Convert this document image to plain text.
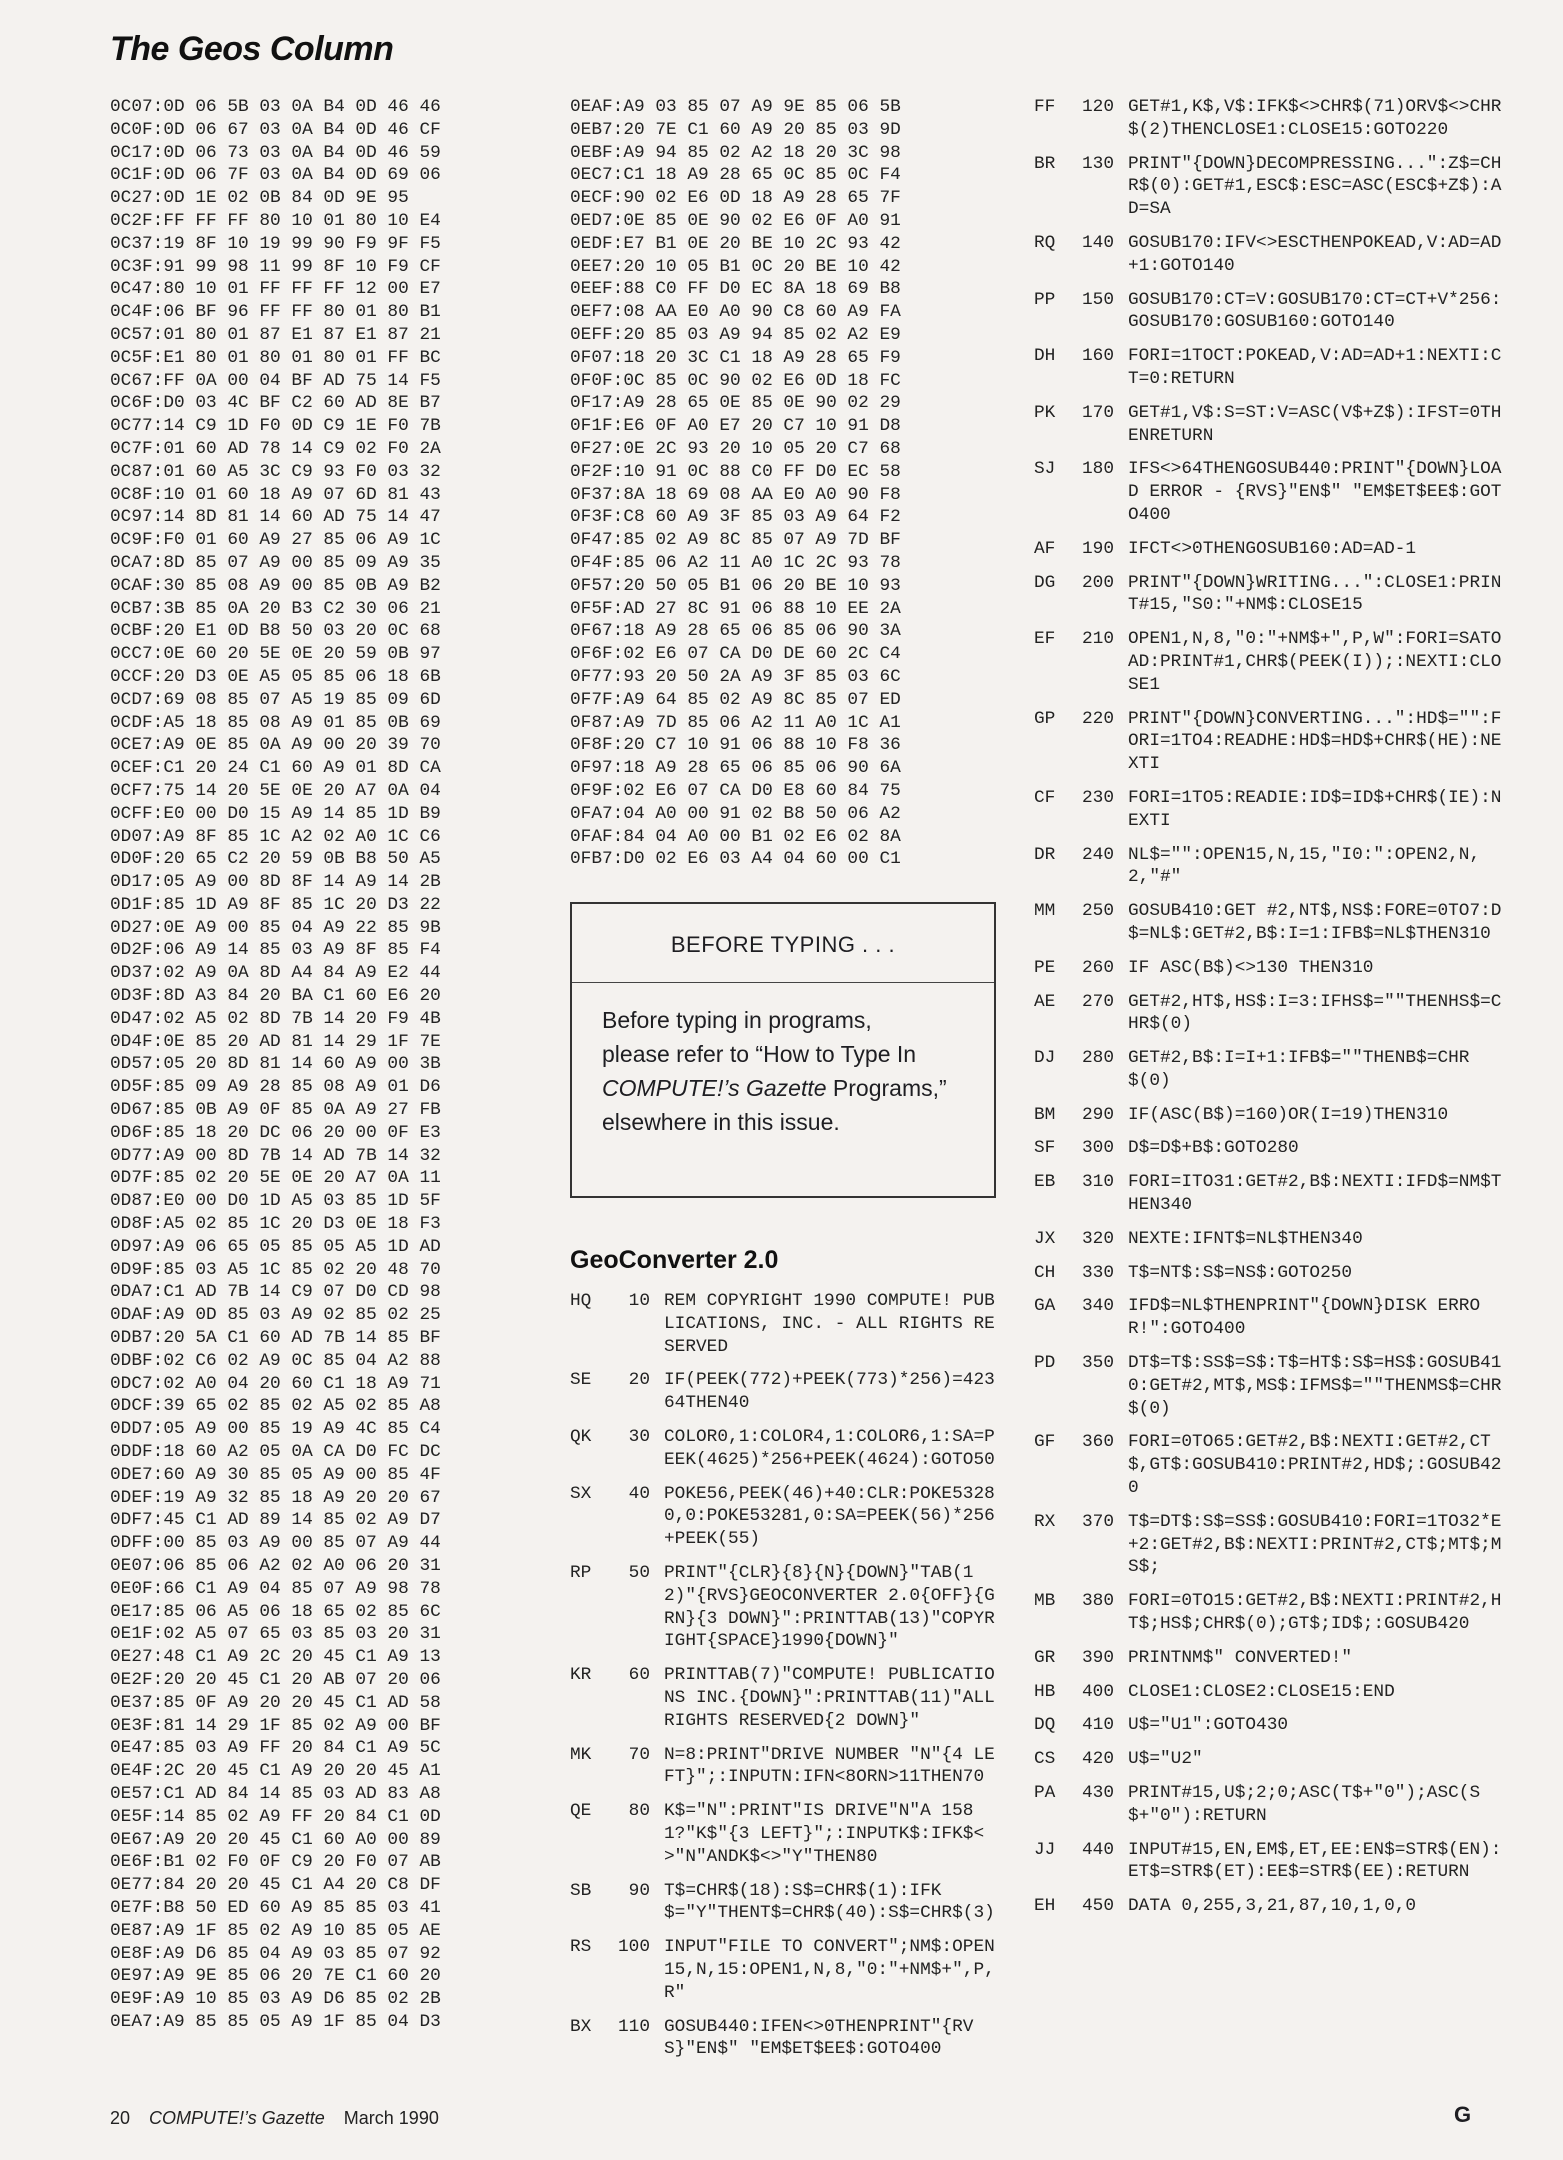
The Geos Column
0C07:0D 06 5B 03 0A B4 0D 46 46
0C0F:0D 06 67 03 0A B4 0D 46 CF
0C17:0D 06 73 03 0A B4 0D 46 59
0C1F:0D 06 7F 03 0A B4 0D 69 06
0C27:0D 1E 02 0B 84 0D 9E 95
0C2F:FF FF FF 80 10 01 80 10 E4
0C37:19 8F 10 19 99 90 F9 9F F5
0C3F:91 99 98 11 99 8F 10 F9 CF
0C47:80 10 01 FF FF FF 12 00 E7
0C4F:06 BF 96 FF FF 80 01 80 B1
0C57:01 80 01 87 E1 87 E1 87 21
0C5F:E1 80 01 80 01 80 01 FF BC
0C67:FF 0A 00 04 BF AD 75 14 F5
0C6F:D0 03 4C BF C2 60 AD 8E B7
0C77:14 C9 1D F0 0D C9 1E F0 7B
0C7F:01 60 AD 78 14 C9 02 F0 2A
0C87:01 60 A5 3C C9 93 F0 03 32
0C8F:10 01 60 18 A9 07 6D 81 43
0C97:14 8D 81 14 60 AD 75 14 47
0C9F:F0 01 60 A9 27 85 06 A9 1C
0CA7:8D 85 07 A9 00 85 09 A9 35
0CAF:30 85 08 A9 00 85 0B A9 B2
0CB7:3B 85 0A 20 B3 C2 30 06 21
0CBF:20 E1 0D B8 50 03 20 0C 68
0CC7:0E 60 20 5E 0E 20 59 0B 97
0CCF:20 D3 0E A5 05 85 06 18 6B
0CD7:69 08 85 07 A5 19 85 09 6D
0CDF:A5 18 85 08 A9 01 85 0B 69
0CE7:A9 0E 85 0A A9 00 20 39 70
0CEF:C1 20 24 C1 60 A9 01 8D CA
0CF7:75 14 20 5E 0E 20 A7 0A 04
0CFF:E0 00 D0 15 A9 14 85 1D B9
0D07:A9 8F 85 1C A2 02 A0 1C C6
0D0F:20 65 C2 20 59 0B B8 50 A5
0D17:05 A9 00 8D 8F 14 A9 14 2B
0D1F:85 1D A9 8F 85 1C 20 D3 22
0D27:0E A9 00 85 04 A9 22 85 9B
0D2F:06 A9 14 85 03 A9 8F 85 F4
0D37:02 A9 0A 8D A4 84 A9 E2 44
0D3F:8D A3 84 20 BA C1 60 E6 20
0D47:02 A5 02 8D 7B 14 20 F9 4B
0D4F:0E 85 20 AD 81 14 29 1F 7E
0D57:05 20 8D 81 14 60 A9 00 3B
0D5F:85 09 A9 28 85 08 A9 01 D6
0D67:85 0B A9 0F 85 0A A9 27 FB
0D6F:85 18 20 DC 06 20 00 0F E3
0D77:A9 00 8D 7B 14 AD 7B 14 32
0D7F:85 02 20 5E 0E 20 A7 0A 11
0D87:E0 00 D0 1D A5 03 85 1D 5F
0D8F:A5 02 85 1C 20 D3 0E 18 F3
0D97:A9 06 65 05 85 05 A5 1D AD
0D9F:85 03 A5 1C 85 02 20 48 70
0DA7:C1 AD 7B 14 C9 07 D0 CD 98
0DAF:A9 0D 85 03 A9 02 85 02 25
0DB7:20 5A C1 60 AD 7B 14 85 BF
0DBF:02 C6 02 A9 0C 85 04 A2 88
0DC7:02 A0 04 20 60 C1 18 A9 71
0DCF:39 65 02 85 02 A5 02 85 A8
0DD7:05 A9 00 85 19 A9 4C 85 C4
0DDF:18 60 A2 05 0A CA D0 FC DC
0DE7:60 A9 30 85 05 A9 00 85 4F
0DEF:19 A9 32 85 18 A9 20 20 67
0DF7:45 C1 AD 89 14 85 02 A9 D7
0DFF:00 85 03 A9 00 85 07 A9 44
0E07:06 85 06 A2 02 A0 06 20 31
0E0F:66 C1 A9 04 85 07 A9 98 78
0E17:85 06 A5 06 18 65 02 85 6C
0E1F:02 A5 07 65 03 85 03 20 31
0E27:48 C1 A9 2C 20 45 C1 A9 13
0E2F:20 20 45 C1 20 AB 07 20 06
0E37:85 0F A9 20 20 45 C1 AD 58
0E3F:81 14 29 1F 85 02 A9 00 BF
0E47:85 03 A9 FF 20 84 C1 A9 5C
0E4F:2C 20 45 C1 A9 20 20 45 A1
0E57:C1 AD 84 14 85 03 AD 83 A8
0E5F:14 85 02 A9 FF 20 84 C1 0D
0E67:A9 20 20 45 C1 60 A0 00 89
0E6F:B1 02 F0 0F C9 20 F0 07 AB
0E77:84 20 20 45 C1 A4 20 C8 DF
0E7F:B8 50 ED 60 A9 85 85 03 41
0E87:A9 1F 85 02 A9 10 85 05 AE
0E8F:A9 D6 85 04 A9 03 85 07 92
0E97:A9 9E 85 06 20 7E C1 60 20
0E9F:A9 10 85 03 A9 D6 85 02 2B
0EA7:A9 85 85 05 A9 1F 85 04 D3
0EAF:A9 03 85 07 A9 9E 85 06 5B
0EB7:20 7E C1 60 A9 20 85 03 9D
0EBF:A9 94 85 02 A2 18 20 3C 98
0EC7:C1 18 A9 28 65 0C 85 0C F4
0ECF:90 02 E6 0D 18 A9 28 65 7F
0ED7:0E 85 0E 90 02 E6 0F A0 91
0EDF:E7 B1 0E 20 BE 10 2C 93 42
0EE7:20 10 05 B1 0C 20 BE 10 42
0EEF:88 C0 FF D0 EC 8A 18 69 B8
0EF7:08 AA E0 A0 90 C8 60 A9 FA
0EFF:20 85 03 A9 94 85 02 A2 E9
0F07:18 20 3C C1 18 A9 28 65 F9
0F0F:0C 85 0C 90 02 E6 0D 18 FC
0F17:A9 28 65 0E 85 0E 90 02 29
0F1F:E6 0F A0 E7 20 C7 10 91 D8
0F27:0E 2C 93 20 10 05 20 C7 68
0F2F:10 91 0C 88 C0 FF D0 EC 58
0F37:8A 18 69 08 AA E0 A0 90 F8
0F3F:C8 60 A9 3F 85 03 A9 64 F2
0F47:85 02 A9 8C 85 07 A9 7D BF
0F4F:85 06 A2 11 A0 1C 2C 93 78
0F57:20 50 05 B1 06 20 BE 10 93
0F5F:AD 27 8C 91 06 88 10 EE 2A
0F67:18 A9 28 65 06 85 06 90 3A
0F6F:02 E6 07 CA D0 DE 60 2C C4
0F77:93 20 50 2A A9 3F 85 03 6C
0F7F:A9 64 85 02 A9 8C 85 07 ED
0F87:A9 7D 85 06 A2 11 A0 1C A1
0F8F:20 C7 10 91 06 88 10 F8 36
0F97:18 A9 28 65 06 85 06 90 6A
0F9F:02 E6 07 CA D0 E8 60 84 75
0FA7:04 A0 00 91 02 B8 50 06 A2
0FAF:84 04 A0 00 B1 02 E6 02 8A
0FB7:D0 02 E6 03 A4 04 60 00 C1
BEFORE TYPING . . .
Before typing in programs,
please refer to “How to Type In
COMPUTE!’s Gazette Programs,”
elsewhere in this issue.
GeoConverter 2.0
HQ	10 REM COPYRIGHT 1990 COMPUTE! PUBLICATIONS, INC. - ALL RIGHTS RESERVED
SE	20 IF(PEEK(772)+PEEK(773)*256)=42364THEN40
QK	30 COLOR0,1:COLOR4,1:COLOR6,1:SA=PEEK(4625)*256+PEEK(4624):GOTO50
SX	40 POKE56,PEEK(46)+40:CLR:POKE53280,0:POKE53281,0:SA=PEEK(56)*256+PEEK(55)
RP	50 PRINT"{CLR}{8}{N}{DOWN}"TAB(12)"{RVS}GEOCONVERTER 2.0{OFF}{GRN}{3 DOWN}":PRINTTAB(13)"COPYRIGHT{SPACE}1990{DOWN}"
KR	60 PRINTTAB(7)"COMPUTE! PUBLICATIONS INC.{DOWN}":PRINTTAB(11)"ALL RIGHTS RESERVED{2 DOWN}"
MK	70 N=8:PRINT"DRIVE NUMBER "N"{4 LEFT}";:INPUTN:IFN<8ORN>11THEN70
QE	80 K$="N":PRINT"IS DRIVE"N"A 1581?"K$"{3 LEFT}";:INPUTK$:IFK$<>"N"ANDK$<>"Y"THEN80
SB	90 T$=CHR$(18):S$=CHR$(1):IFK$="Y"THENT$=CHR$(40):S$=CHR$(3)
RS	100 INPUT"FILE TO CONVERT";NM$:OPEN15,N,15:OPEN1,N,8,"0:"+NM$+",P,R"
BX	110 GOSUB440:IFEN<>0THENPRINT"{RVS}"EN$" "EM$ET$EE$:GOTO400
FF	120 GET#1,K$,V$:IFK$<>CHR$(71)ORV$<>CHR$(2)THENCLOSE1:CLOSE15:GOTO220
BR	130 PRINT"{DOWN}DECOMPRESSING...":Z$=CHR$(0):GET#1,ESC$:ESC=ASC(ESC$+Z$):AD=SA
RQ	140 GOSUB170:IFV<>ESCTHENPOKEAD,V:AD=AD+1:GOTO140
PP	150 GOSUB170:CT=V:GOSUB170:CT=CT+V*256:GOSUB170:GOSUB160:GOTO140
DH	160 FORI=1TOCT:POKEAD,V:AD=AD+1:NEXTI:CT=0:RETURN
PK	170 GET#1,V$:S=ST:V=ASC(V$+Z$):IFST=0THENRETURN
SJ	180 IFS<>64THENGOSUB440:PRINT"{DOWN}LOAD ERROR - {RVS}"EN$" "EM$ET$EE$:GOTO400
AF	190 IFCT<>0THENGOSUB160:AD=AD-1
DG	200 PRINT"{DOWN}WRITING...":CLOSE1:PRINT#15,"S0:"+NM$:CLOSE15
EF	210 OPEN1,N,8,"0:"+NM$+",P,W":FORI=SATOAD:PRINT#1,CHR$(PEEK(I));:NEXTI:CLOSE1
GP	220 PRINT"{DOWN}CONVERTING...":HD$="":FORI=1TO4:READHE:HD$=HD$+CHR$(HE):NEXTI
CF	230 FORI=1TO5:READIE:ID$=ID$+CHR$(IE):NEXTI
DR	240 NL$="":OPEN15,N,15,"I0:":OPEN2,N,2,"#"
MM	250 GOSUB410:GET #2,NT$,NS$:FORE=0TO7:D$=NL$:GET#2,B$:I=1:IFB$=NL$THEN310
PE	260 IF ASC(B$)<>130 THEN310
AE	270 GET#2,HT$,HS$:I=3:IFHS$=""THENHS$=CHR$(0)
DJ	280 GET#2,B$:I=I+1:IFB$=""THENB$=CHR$(0)
BM	290 IF(ASC(B$)=160)OR(I=19)THEN310
SF	300 D$=D$+B$:GOTO280
EB	310 FORI=ITO31:GET#2,B$:NEXTI:IFD$=NM$THEN340
JX	320 NEXTE:IFNT$=NL$THEN340
CH	330 T$=NT$:S$=NS$:GOTO250
GA	340 IFD$=NL$THENPRINT"{DOWN}DISK ERROR!":GOTO400
PD	350 DT$=T$:SS$=S$:T$=HT$:S$=HS$:GOSUB410:GET#2,MT$,MS$:IFMS$=""THENMS$=CHR$(0)
GF	360 FORI=0TO65:GET#2,B$:NEXTI:GET#2,CT$,GT$:GOSUB410:PRINT#2,HD$;:GOSUB420
RX	370 T$=DT$:S$=SS$:GOSUB410:FORI=1TO32*E+2:GET#2,B$:NEXTI:PRINT#2,CT$;MT$;MS$;
MB	380 FORI=0TO15:GET#2,B$:NEXTI:PRINT#2,HT$;HS$;CHR$(0);GT$;ID$;:GOSUB420
GR	390 PRINTNM$" CONVERTED!"
HB	400 CLOSE1:CLOSE2:CLOSE15:END
DQ	410 U$="U1":GOTO430
CS	420 U$="U2"
PA	430 PRINT#15,U$;2;0;ASC(T$+"0");ASC(S$+"0"):RETURN
JJ	440 INPUT#15,EN,EM$,ET,EE:EN$=STR$(EN):ET$=STR$(ET):EE$=STR$(EE):RETURN
EH	450 DATA 0,255,3,21,87,10,1,0,0
20 COMPUTE!’s Gazette March 1990	G
